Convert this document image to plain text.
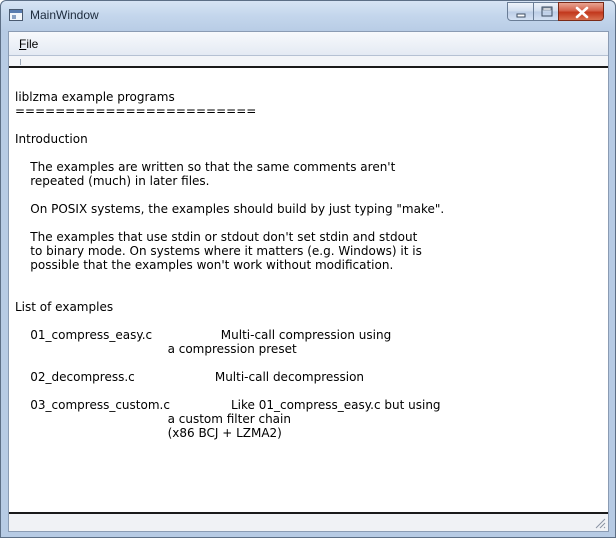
MainWindow
File
liblzma example programs
========================

Introduction

The examples are written so that the same comments aren't
repeated (much) in later files.

On POSIX systems, the examples should build by just typing "make".

The examples that use stdin or stdout don't set stdin and stdout
to binary mode. On systems where it matters (e.g. Windows) it is
possible that the examples won't work without modification.

List of examples

01_compress_easy.c                  Multi-call compression using
a compression preset

02_decompress.c                     Multi-call decompression

03_compress_custom.c                Like 01_compress_easy.c but using
a custom filter chain
(x86 BCJ + LZMA2)
